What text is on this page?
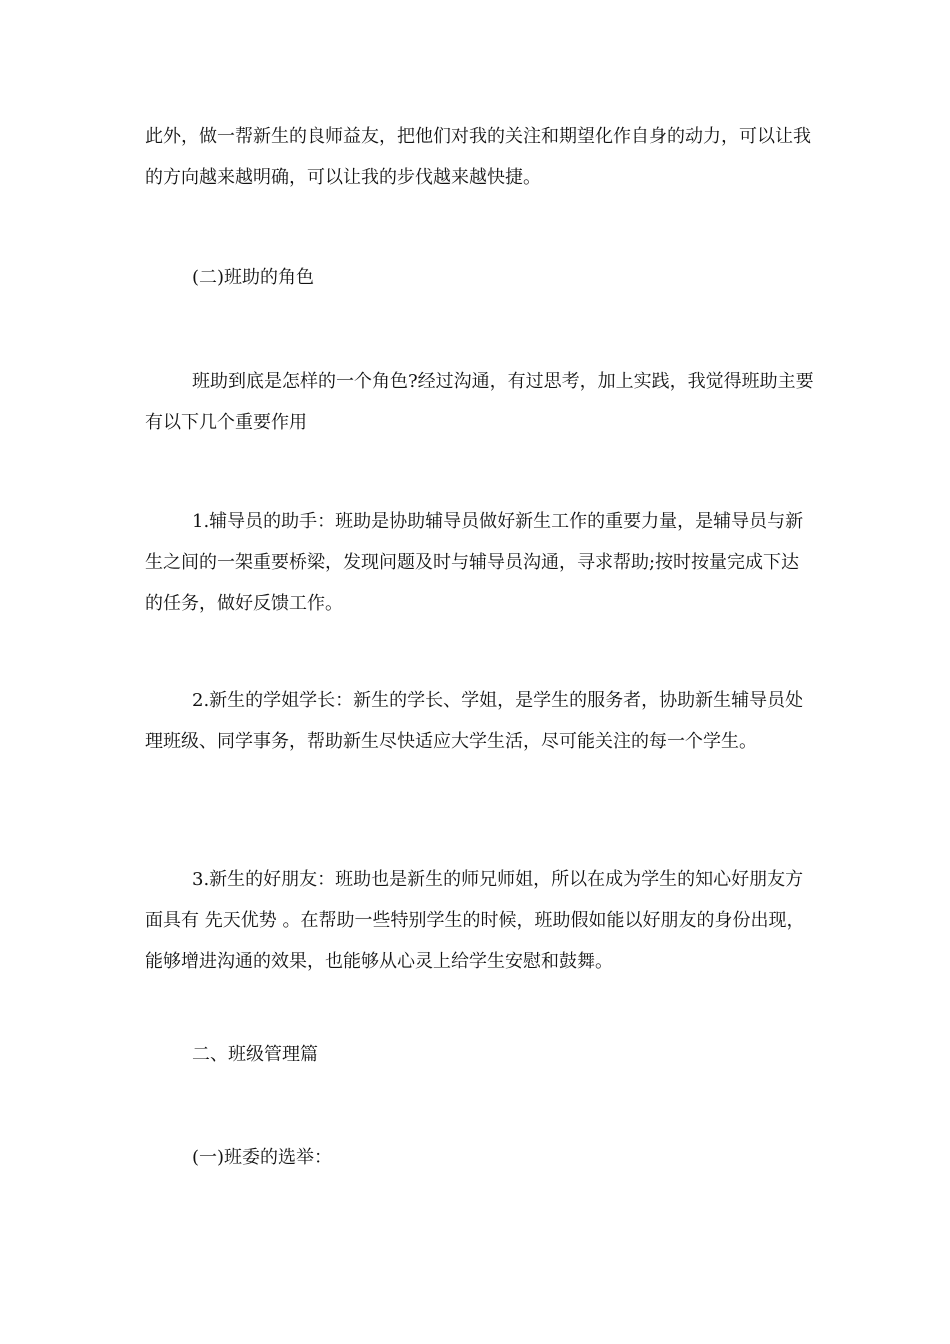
此外，做一帮新生的良师益友，把他们对我的关注和期望化作自身的动力，可以让我的方向越来越明确，可以让我的步伐越来越快捷。

(二)班助的角色

班助到底是怎样的一个角色?经过沟通，有过思考，加上实践，我觉得班助主要有以下几个重要作用

1.辅导员的助手：班助是协助辅导员做好新生工作的重要力量，是辅导员与新生之间的一架重要桥梁，发现问题及时与辅导员沟通，寻求帮助;按时按量完成下达的任务，做好反馈工作。

2.新生的学姐学长：新生的学长、学姐，是学生的服务者，协助新生辅导员处理班级、同学事务，帮助新生尽快适应大学生活，尽可能关注的每一个学生。

3.新生的好朋友：班助也是新生的师兄师姐，所以在成为学生的知心好朋友方面具有 先天优势 。在帮助一些特别学生的时候，班助假如能以好朋友的身份出现，能够增进沟通的效果，也能够从心灵上给学生安慰和鼓舞。

二、班级管理篇

(一)班委的选举：
